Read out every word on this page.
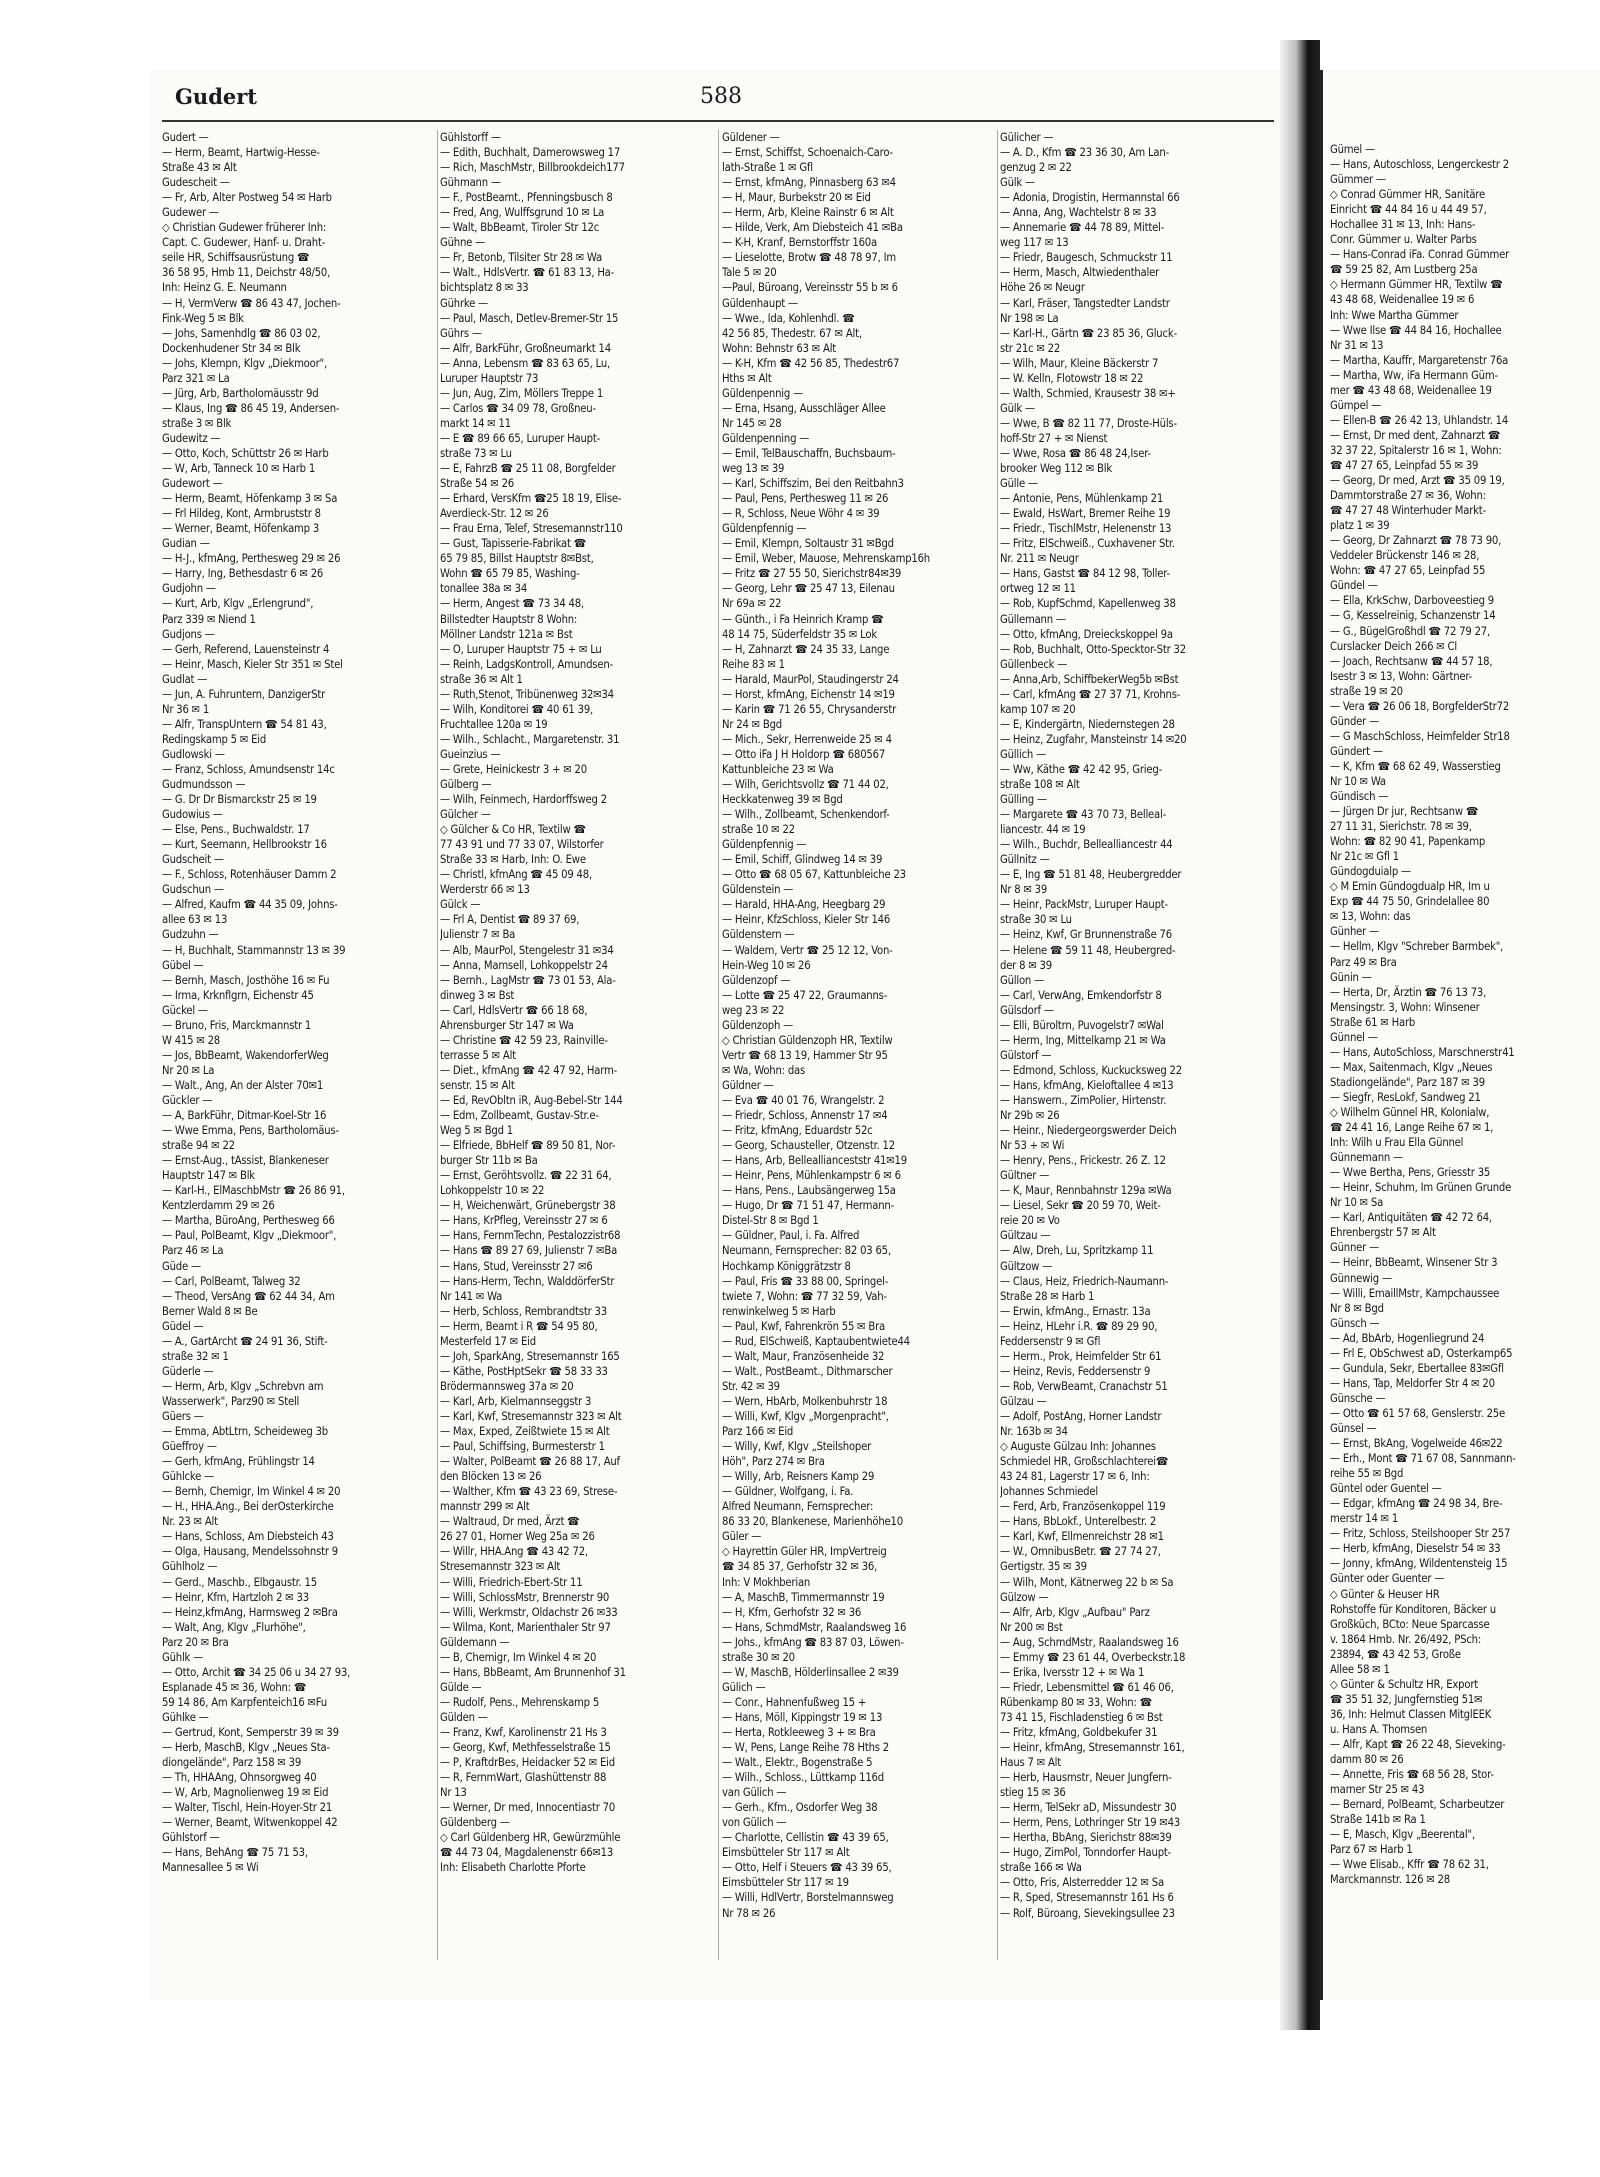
Gudert	588
Gudert —
— Herm, Beamt, Hartwig-Hesse-
Straße 43 ✉ Alt
Gudescheit —
— Fr, Arb, Alter Postweg 54 ✉ Harb
Gudewer —
◇ Christian Gudewer früherer Inh:
Capt. C. Gudewer, Hanf- u. Draht-
seile HR, Schiffsausrüstung ☎
36 58 95, Hmb 11, Deichstr 48/50,
Inh: Heinz G. E. Neumann
— H, VermVerw ☎ 86 43 47, Jochen-
Fink-Weg 5 ✉ Blk
— Johs, Samenhdlg ☎ 86 03 02,
Dockenhudener Str 34 ✉ Blk
— Johs, Klempn, Klgv „Diekmoor",
Parz 321 ✉ La
— Jürg, Arb, Bartholomäusstr 9d
— Klaus, Ing ☎ 86 45 19, Andersen-
straße 3 ✉ Blk
Gudewitz —
— Otto, Koch, Schüttstr 26 ✉ Harb
— W, Arb, Tanneck 10 ✉ Harb 1
Gudewort —
— Herm, Beamt, Höfenkamp 3 ✉ Sa
— Frl Hildeg, Kont, Armbruststr 8
— Werner, Beamt, Höfenkamp 3
Gudian —
— H-J., kfmAng, Perthesweg 29 ✉ 26
— Harry, Ing, Bethesdastr 6 ✉ 26
Gudjohn —
— Kurt, Arb, Klgv „Erlengrund",
Parz 339 ✉ Niend 1
Gudjons —
— Gerh, Referend, Lauensteinstr 4
— Heinr, Masch, Kieler Str 351 ✉ Stel
Gudlat —
— Jun, A. Fuhruntern, DanzigerStr
Nr 36 ✉ 1
— Alfr, TranspUntern ☎ 54 81 43,
Redingskamp 5 ✉ Eid
Gudlowski —
— Franz, Schloss, Amundsenstr 14c
Gudmundsson —
— G. Dr Dr Bismarckstr 25 ✉ 19
Gudowius —
— Else, Pens., Buchwaldstr. 17
— Kurt, Seemann, Hellbrookstr 16
Gudscheit —
— F., Schloss, Rotenhäuser Damm 2
Gudschun —
— Alfred, Kaufm ☎ 44 35 09, Johns-
allee 63 ✉ 13
Gudzuhn —
— H, Buchhalt, Stammannstr 13 ✉ 39
Gübel —
— Bernh, Masch, Josthöhe 16 ✉ Fu
— Irma, Krknflgrn, Eichenstr 45
Gückel —
— Bruno, Fris, Marckmannstr 1
W 415 ✉ 28
— Jos, BbBeamt, WakendorferWeg
Nr 20 ✉ La
— Walt., Ang, An der Alster 70✉1
Gückler —
— A, BarkFühr, Ditmar-Koel-Str 16
— Wwe Emma, Pens, Bartholomäus-
straße 94 ✉ 22
— Ernst-Aug., tAssist, Blankeneser
Hauptstr 147 ✉ Blk
— Karl-H., ElMaschbMstr ☎ 26 86 91,
Kentzlerdamm 29 ✉ 26
— Martha, BüroAng, Perthesweg 66
— Paul, PolBeamt, Klgv „Diekmoor",
Parz 46 ✉ La
Güde —
— Carl, PolBeamt, Talweg 32
— Theod, VersAng ☎ 62 44 34, Am
Berner Wald 8 ✉ Be
Güdel —
— A., GartArcht ☎ 24 91 36, Stift-
straße 32 ✉ 1
Güderle —
— Herm, Arb, Klgv „Schrebvn am
Wasserwerk", Parz90 ✉ Stell
Güers —
— Emma, AbtLtrn, Scheideweg 3b
Güeffroy —
— Gerh, kfmAng, Frühlingstr 14
Gühlcke —
— Bernh, Chemigr, Im Winkel 4 ✉ 20
— H., HHA.Ang., Bei derOsterkirche
Nr. 23 ✉ Alt
— Hans, Schloss, Am Diebsteich 43
— Olga, Hausang, Mendelssohnstr 9
Gühlholz —
— Gerd., Maschb., Elbgaustr. 15
— Heinr, Kfm, Hartzloh 2 ✉ 33
— Heinz,kfmAng, Harmsweg 2 ✉Bra
— Walt, Ang, Klgv „Flurhöhe",
Parz 20 ✉ Bra
Gühlk —
— Otto, Archit ☎ 34 25 06 u 34 27 93,
Esplanade 45 ✉ 36, Wohn: ☎
59 14 86, Am Karpfenteich16 ✉Fu
Gühlke —
— Gertrud, Kont, Semperstr 39 ✉ 39
— Herb, MaschB, Klgv „Neues Sta-
diongelände", Parz 158 ✉ 39
— Th, HHAAng, Ohnsorgweg 40
— W, Arb, Magnolienweg 19 ✉ Eid
— Walter, Tischl, Hein-Hoyer-Str 21
— Werner, Beamt, Witwenkoppel 42
Gühlstorf —
— Hans, BehAng ☎ 75 71 53,
Mannesallee 5 ✉ Wi
Gühlstorff —
— Edith, Buchhalt, Damerowsweg 17
— Rich, MaschMstr, Billbrookdeich177
Gühmann —
— F., PostBeamt., Pfenningsbusch 8
— Fred, Ang, Wulffsgrund 10 ✉ La
— Walt, BbBeamt, Tiroler Str 12c
Gühne —
— Fr, Betonb, Tilsiter Str 28 ✉ Wa
— Walt., HdlsVertr. ☎ 61 83 13, Ha-
bichtsplatz 8 ✉ 33
Gührke —
— Paul, Masch, Detlev-Bremer-Str 15
Gührs —
— Alfr, BarkFühr, Großneumarkt 14
— Anna, Lebensm ☎ 83 63 65, Lu,
Luruper Hauptstr 73
— Jun, Aug, Zim, Möllers Treppe 1
— Carlos ☎ 34 09 78, Großneu-
markt 14 ✉ 11
— E ☎ 89 66 65, Luruper Haupt-
straße 73 ✉ Lu
— E, FahrzB ☎ 25 11 08, Borgfelder
Straße 54 ✉ 26
— Erhard, VersKfm ☎25 18 19, Elise-
Averdieck-Str. 12 ✉ 26
— Frau Erna, Telef, Stresemannstr110
— Gust, Tapisserie-Fabrikat ☎
65 79 85, Billst Hauptstr 8✉Bst,
Wohn ☎ 65 79 85, Washing-
tonallee 38a ✉ 34
— Herm, Angest ☎ 73 34 48,
Billstedter Hauptstr 8 Wohn:
Möllner Landstr 121a ✉ Bst
— O, Luruper Hauptstr 75 + ✉ Lu
— Reinh, LadgsKontroll, Amundsen-
straße 36 ✉ Alt 1
— Ruth,Stenot, Tribünenweg 32✉34
— Wilh, Konditorei ☎ 40 61 39,
Fruchtallee 120a ✉ 19
— Wilh., Schlacht., Margaretenstr. 31
Gueinzius —
— Grete, Heinickestr 3 + ✉ 20
Gülberg —
— Wilh, Feinmech, Hardorffsweg 2
Gülcher —
◇ Gülcher & Co HR, Textilw ☎
77 43 91 und 77 33 07, Wilstorfer
Straße 33 ✉ Harb, Inh: O. Ewe
— Christl, kfmAng ☎ 45 09 48,
Werderstr 66 ✉ 13
Gülck —
— Frl A, Dentist ☎ 89 37 69,
Julienstr 7 ✉ Ba
— Alb, MaurPol, Stengelestr 31 ✉34
— Anna, Mamsell, Lohkoppelstr 24
— Bernh., LagMstr ☎ 73 01 53, Ala-
dinweg 3 ✉ Bst
— Carl, HdlsVertr ☎ 66 18 68,
Ahrensburger Str 147 ✉ Wa
— Christine ☎ 42 59 23, Rainville-
terrasse 5 ✉ Alt
— Diet., kfmAng ☎ 42 47 92, Harm-
senstr. 15 ✉ Alt
— Ed, RevObltn iR, Aug-Bebel-Str 144
— Edm, Zollbeamt, Gustav-Str.e-
Weg 5 ✉ Bgd 1
— Elfriede, BbHelf ☎ 89 50 81, Nor-
burger Str 11b ✉ Ba
— Ernst, Geröhtsvollz. ☎ 22 31 64,
Lohkoppelstr 10 ✉ 22
— H, Weichenwärt, Grünebergstr 38
— Hans, KrPfleg, Vereinsstr 27 ✉ 6
— Hans, FernmTechn, Pestalozzistr68
— Hans ☎ 89 27 69, Julienstr 7 ✉Ba
— Hans, Stud, Vereinsstr 27 ✉6
— Hans-Herm, Techn, WalddörferStr
Nr 141 ✉ Wa
— Herb, Schloss, Rembrandtstr 33
— Herm, Beamt i R ☎ 54 95 80,
Mesterfeld 17 ✉ Eid
— Joh, SparkAng, Stresemannstr 165
— Käthe, PostHptSekr ☎ 58 33 33
Brödermannsweg 37a ✉ 20
— Karl, Arb, Kielmannseggstr 3
— Karl, Kwf, Stresemannstr 323 ✉ Alt
— Max, Exped, Zeißtwiete 15 ✉ Alt
— Paul, Schiffsing, Burmesterstr 1
— Walter, PolBeamt ☎ 26 88 17, Auf
den Blöcken 13 ✉ 26
— Walther, Kfm ☎ 43 23 69, Strese-
mannstr 299 ✉ Alt
— Waltraud, Dr med, Ärzt ☎
26 27 01, Horner Weg 25a ✉ 26
— Willr, HHA.Ang ☎ 43 42 72,
Stresemannstr 323 ✉ Alt
— Willi, Friedrich-Ebert-Str 11
— Willi, SchlossMstr, Brennerstr 90
— Willi, Werkmstr, Oldachstr 26 ✉33
— Wilma, Kont, Marienthaler Str 97
Güldemann —
— B, Chemigr, Im Winkel 4 ✉ 20
— Hans, BbBeamt, Am Brunnenhof 31
Gülde —
— Rudolf, Pens., Mehrenskamp 5
Gülden —
— Franz, Kwf, Karolinenstr 21 Hs 3
— Georg, Kwf, Methfesselstraße 15
— P, KraftdrBes, Heidacker 52 ✉ Eid
— R, FernmWart, Glashüttenstr 88
Nr 13
— Werner, Dr med, Innocentiastr 70
Güldenberg —
◇ Carl Güldenberg HR, Gewürzmühle
☎ 44 73 04, Magdalenenstr 66✉13
Inh: Elisabeth Charlotte Pforte
Güldener —
— Ernst, Schiffst, Schoenaich-Caro-
lath-Straße 1 ✉ Gfl
— Ernst, kfmAng, Pinnasberg 63 ✉4
— H, Maur, Burbekstr 20 ✉ Eid
— Herm, Arb, Kleine Rainstr 6 ✉ Alt
— Hilde, Verk, Am Diebsteich 41 ✉Ba
— K-H, Kranf, Bernstorffstr 160a
— Lieselotte, Brotw ☎ 48 78 97, Im
Tale 5 ✉ 20
—Paul, Büroang, Vereinsstr 55 b ✉ 6
Güldenhaupt —
— Wwe., Ida, Kohlenhdl. ☎
42 56 85, Thedestr. 67 ✉ Alt,
Wohn: Behnstr 63 ✉ Alt
— K-H, Kfm ☎ 42 56 85, Thedestr67
Hths ✉ Alt
Güldenpennig —
— Erna, Hsang, Ausschläger Allee
Nr 145 ✉ 28
Güldenpenning —
— Emil, TelBauschaffn, Buchsbaum-
weg 13 ✉ 39
— Karl, Schiffszim, Bei den Reitbahn3
— Paul, Pens, Perthesweg 11 ✉ 26
— R, Schloss, Neue Wöhr 4 ✉ 39
Güldenpfennig —
— Emil, Klempn, Soltaustr 31 ✉Bgd
— Emil, Weber, Mauose, Mehrenskamp16h
— Fritz ☎ 27 55 50, Sierichstr84✉39
— Georg, Lehr ☎ 25 47 13, Eilenau
Nr 69a ✉ 22
— Günth., i Fa Heinrich Kramp ☎
48 14 75, Süderfeldstr 35 ✉ Lok
— H, Zahnarzt ☎ 24 35 33, Lange
Reihe 83 ✉ 1
— Harald, MaurPol, Staudingerstr 24
— Horst, kfmAng, Eichenstr 14 ✉19
— Karin ☎ 71 26 55, Chrysanderstr
Nr 24 ✉ Bgd
— Mich., Sekr, Herrenweide 25 ✉ 4
— Otto iFa J H Holdorp ☎ 680567
Kattunbleiche 23 ✉ Wa
— Wilh, Gerichtsvollz ☎ 71 44 02,
Heckkatenweg 39 ✉ Bgd
— Wilh., Zollbeamt, Schenkendorf-
straße 10 ✉ 22
Güldenpfennig —
— Emil, Schiff, Glindweg 14 ✉ 39
— Otto ☎ 68 05 67, Kattunbleiche 23
Güldenstein —
— Harald, HHA-Ang, Heegbarg 29
— Heinr, KfzSchloss, Kieler Str 146
Güldenstern —
— Waldem, Vertr ☎ 25 12 12, Von-
Hein-Weg 10 ✉ 26
Güldenzopf —
— Lotte ☎ 25 47 22, Graumanns-
weg 23 ✉ 22
Güldenzoph —
◇ Christian Güldenzoph HR, Textilw
Vertr ☎ 68 13 19, Hammer Str 95
✉ Wa, Wohn: das
Güldner —
— Eva ☎ 40 01 76, Wrangelstr. 2
— Friedr, Schloss, Annenstr 17 ✉4
— Fritz, kfmAng, Eduardstr 52c
— Georg, Schausteller, Otzenstr. 12
— Hans, Arb, Belleallianceststr 41✉19
— Heinr, Pens, Mühlenkampstr 6 ✉ 6
— Hans, Pens., Laubsängerweg 15a
— Hugo, Dr ☎ 71 51 47, Hermann-
Distel-Str 8 ✉ Bgd 1
— Güldner, Paul, i. Fa. Alfred
Neumann, Fernsprecher: 82 03 65,
Hochkamp Königgrätzstr 8
— Paul, Fris ☎ 33 88 00, Springel-
twiete 7, Wohn: ☎ 77 32 59, Vah-
renwinkelweg 5 ✉ Harb
— Paul, Kwf, Fahrenkrön 55 ✉ Bra
— Rud, ElSchweiß, Kaptaubentwiete44
— Walt, Maur, Französenheide 32
— Walt., PostBeamt., Dithmarscher
Str. 42 ✉ 39
— Wern, HbArb, Molkenbuhrstr 18
— Willi, Kwf, Klgv „Morgenpracht",
Parz 166 ✉ Eid
— Willy, Kwf, Klgv „Steilshoper
Höh", Parz 274 ✉ Bra
— Willy, Arb, Reisners Kamp 29
— Güldner, Wolfgang, i. Fa.
Alfred Neumann, Fernsprecher:
86 33 20, Blankenese, Marienhöhe10
Güler —
◇ Hayrettin Güler HR, ImpVertreig
☎ 34 85 37, Gerhofstr 32 ✉ 36,
Inh: V Mokhberian
— A, MaschB, Timmermannstr 19
— H, Kfm, Gerhofstr 32 ✉ 36
— Hans, SchmdMstr, Raalandsweg 16
— Johs., kfmAng ☎ 83 87 03, Löwen-
straße 30 ✉ 20
— W, MaschB, Hölderlinsallee 2 ✉39
Gülich —
— Conr., Hahnenfußweg 15 +
— Hans, Möll, Kippingstr 19 ✉ 13
— Herta, Rotkleeweg 3 + ✉ Bra
— W, Pens, Lange Reihe 78 Hths 2
— Walt., Elektr., Bogenstraße 5
— Wilh., Schloss., Lüttkamp 116d
van Gülich —
— Gerh., Kfm., Osdorfer Weg 38
von Gülich —
— Charlotte, Cellistin ☎ 43 39 65,
Eimsbütteler Str 117 ✉ Alt
— Otto, Helf i Steuers ☎ 43 39 65,
Eimsbütteler Str 117 ✉ 19
— Willi, HdlVertr, Borstelmannsweg
Nr 78 ✉ 26
Gülicher —
— A. D., Kfm ☎ 23 36 30, Am Lan-
genzug 2 ✉ 22
Gülk —
— Adonia, Drogistin, Hermannstal 66
— Anna, Ang, Wachtelstr 8 ✉ 33
— Annemarie ☎ 44 78 89, Mittel-
weg 117 ✉ 13
— Friedr, Baugesch, Schmuckstr 11
— Herm, Masch, Altwiedenthaler
Höhe 26 ✉ Neugr
— Karl, Fräser, Tangstedter Landstr
Nr 198 ✉ La
— Karl-H., Gärtn ☎ 23 85 36, Gluck-
str 21c ✉ 22
— Wilh, Maur, Kleine Bäckerstr 7
— W. Kelln, Flotowstr 18 ✉ 22
— Walth, Schmied, Krausestr 38 ✉+
Gülk —
— Wwe, B ☎ 82 11 77, Droste-Hüls-
hoff-Str 27 + ✉ Nienst
— Wwe, Rosa ☎ 86 48 24,Iser-
brooker Weg 112 ✉ Blk
Gülle —
— Antonie, Pens, Mühlenkamp 21
— Ewald, HsWart, Bremer Reihe 19
— Friedr., TischlMstr, Helenenstr 13
— Fritz, ElSchweiß., Cuxhavener Str.
Nr. 211 ✉ Neugr
— Hans, Gastst ☎ 84 12 98, Toller-
ortweg 12 ✉ 11
— Rob, KupfSchmd, Kapellenweg 38
Güllemann —
— Otto, kfmAng, Dreieckskoppel 9a
— Rob, Buchhalt, Otto-Specktor-Str 32
Güllenbeck —
— Anna,Arb, SchiffbekerWeg5b ✉Bst
— Carl, kfmAng ☎ 27 37 71, Krohns-
kamp 107 ✉ 20
— E, Kindergärtn, Niedernstegen 28
— Heinz, Zugfahr, Mansteinstr 14 ✉20
Güllich —
— Ww, Käthe ☎ 42 42 95, Grieg-
straße 108 ✉ Alt
Gülling —
— Margarete ☎ 43 70 73, Belleal-
liancestr. 44 ✉ 19
— Wilh., Buchdr, Bellealliancestr 44
Güllnitz —
— E, Ing ☎ 51 81 48, Heubergredder
Nr 8 ✉ 39
— Heinr, PackMstr, Luruper Haupt-
straße 30 ✉ Lu
— Heinz, Kwf, Gr Brunnenstraße 76
— Helene ☎ 59 11 48, Heubergred-
der 8 ✉ 39
Güllon —
— Carl, VerwAng, Emkendorfstr 8
Gülsdorf —
— Elli, Büroltrn, Puvogelstr7 ✉Wal
— Herm, Ing, Mittelkamp 21 ✉ Wa
Gülstorf —
— Edmond, Schloss, Kuckucksweg 22
— Hans, kfmAng, Kieloftallee 4 ✉13
— Hanswern., ZimPolier, Hirtenstr.
Nr 29b ✉ 26
— Heinr., Niedergeorgswerder Deich
Nr 53 + ✉ Wi
— Henry, Pens., Frickestr. 26 Z. 12
Gültner —
— K, Maur, Rennbahnstr 129a ✉Wa
— Liesel, Sekr ☎ 20 59 70, Weit-
reie 20 ✉ Vo
Gültzau —
— Alw, Dreh, Lu, Spritzkamp 11
Gültzow —
— Claus, Heiz, Friedrich-Naumann-
Straße 28 ✉ Harb 1
— Erwin, kfmAng., Ernastr. 13a
— Heinz, HLehr i.R. ☎ 89 29 90,
Feddersenstr 9 ✉ Gfl
— Herm., Prok, Heimfelder Str 61
— Heinz, Revis, Feddersenstr 9
— Rob, VerwBeamt, Cranachstr 51
Gülzau —
— Adolf, PostAng, Horner Landstr
Nr. 163b ✉ 34
◇ Auguste Gülzau Inh: Johannes
Schmiedel HR, Großschlachterei☎
43 24 81, Lagerstr 17 ✉ 6, Inh:
Johannes Schmiedel
— Ferd, Arb, Französenkoppel 119
— Hans, BbLokf., Unterelbestr. 2
— Karl, Kwf, Ellmenreichstr 28 ✉1
— W., OmnibusBetr. ☎ 27 74 27,
Gertigstr. 35 ✉ 39
— Wilh, Mont, Kätnerweg 22 b ✉ Sa
Gülzow —
— Alfr, Arb, Klgv „Aufbau" Parz
Nr 200 ✉ Bst
— Aug, SchmdMstr, Raalandsweg 16
— Emmy ☎ 23 61 44, Overbeckstr.18
— Erika, Iversstr 12 + ✉ Wa 1
— Friedr, Lebensmittel ☎ 61 46 06,
Rübenkamp 80 ✉ 33, Wohn: ☎
73 41 15, Fischladenstieg 6 ✉ Bst
— Fritz, kfmAng, Goldbekufer 31
— Heinr, kfmAng, Stresemannstr 161,
Haus 7 ✉ Alt
— Herb, Hausmstr, Neuer Jungfern-
stieg 15 ✉ 36
— Herm, TelSekr aD, Missundestr 30
— Herm, Pens, Lothringer Str 19 ✉43
— Hertha, BbAng, Sierichstr 88✉39
— Hugo, ZimPol, Tonndorfer Haupt-
straße 166 ✉ Wa
— Otto, Fris, Alsterredder 12 ✉ Sa
— R, Sped, Stresemannstr 161 Hs 6
— Rolf, Büroang, Sievekingsullee 23
Gümel —
— Hans, Autoschloss, Lengerckestr 2
Gümmer —
◇ Conrad Gümmer HR, Sanitäre
Einricht ☎ 44 84 16 u 44 49 57,
Hochallee 31 ✉ 13, Inh: Hans-
Conr. Gümmer u. Walter Parbs
— Hans-Conrad iFa. Conrad Gümmer
☎ 59 25 82, Am Lustberg 25a
◇ Hermann Gümmer HR, Textilw ☎
43 48 68, Weidenallee 19 ✉ 6
Inh: Wwe Martha Gümmer
— Wwe Ilse ☎ 44 84 16, Hochallee
Nr 31 ✉ 13
— Martha, Kauffr, Margaretenstr 76a
— Martha, Ww, iFa Hermann Güm-
mer ☎ 43 48 68, Weidenallee 19
Gümpel —
— Ellen-B ☎ 26 42 13, Uhlandstr. 14
— Ernst, Dr med dent, Zahnarzt ☎
32 37 22, Spitalerstr 16 ✉ 1, Wohn:
☎ 47 27 65, Leinpfad 55 ✉ 39
— Georg, Dr med, Arzt ☎ 35 09 19,
Dammtorstraße 27 ✉ 36, Wohn:
☎ 47 27 48 Winterhuder Markt-
platz 1 ✉ 39
— Georg, Dr Zahnarzt ☎ 78 73 90,
Veddeler Brückenstr 146 ✉ 28,
Wohn: ☎ 47 27 65, Leinpfad 55
Gündel —
— Ella, KrkSchw, Darboveestieg 9
— G, Kesselreinig, Schanzenstr 14
— G., BügelGroßhdl ☎ 72 79 27,
Curslacker Deich 266 ✉ Cl
— Joach, Rechtsanw ☎ 44 57 18,
Isestr 3 ✉ 13, Wohn: Gärtner-
straße 19 ✉ 20
— Vera ☎ 26 06 18, BorgfelderStr72
Günder —
— G MaschSchloss, Heimfelder Str18
Gündert —
— K, Kfm ☎ 68 62 49, Wasserstieg
Nr 10 ✉ Wa
Gündisch —
— Jürgen Dr jur, Rechtsanw ☎
27 11 31, Sierichstr. 78 ✉ 39,
Wohn: ☎ 82 90 41, Papenkamp
Nr 21c ✉ Gfl 1
Gündogduialp —
◇ M Emin Gündogdualp HR, Im u
Exp ☎ 44 75 50, Grindelallee 80
✉ 13, Wohn: das
Günher —
— Hellm, Klgv "Schreber Barmbek",
Parz 49 ✉ Bra
Günin —
— Herta, Dr, Ärztin ☎ 76 13 73,
Mensingstr. 3, Wohn: Winsener
Straße 61 ✉ Harb
Günnel —
— Hans, AutoSchloss, Marschnerstr41
— Max, Saitenmach, Klgv „Neues
Stadiongelände", Parz 187 ✉ 39
— Siegfr, ResLokf, Sandweg 21
◇ Wilhelm Günnel HR, Kolonialw,
☎ 24 41 16, Lange Reihe 67 ✉ 1,
Inh: Wilh u Frau Ella Günnel
Günnemann —
— Wwe Bertha, Pens, Griesstr 35
— Heinr, Schuhm, Im Grünen Grunde
Nr 10 ✉ Sa
— Karl, Antiquitäten ☎ 42 72 64,
Ehrenbergstr 57 ✉ Alt
Günner —
— Heinr, BbBeamt, Winsener Str 3
Günnewig —
— Willi, EmaillMstr, Kampchaussee
Nr 8 ✉ Bgd
Günsch —
— Ad, BbArb, Hogenliegrund 24
— Frl E, ObSchwest aD, Osterkamp65
— Gundula, Sekr, Ebertallee 83✉Gfl
— Hans, Tap, Meldorfer Str 4 ✉ 20
Günsche —
— Otto ☎ 61 57 68, Genslerstr. 25e
Günsel —
— Ernst, BkAng, Vogelweide 46✉22
— Erh., Mont ☎ 71 67 08, Sannmann-
reihe 55 ✉ Bgd
Güntel oder Guentel —
— Edgar, kfmAng ☎ 24 98 34, Bre-
merstr 14 ✉ 1
— Fritz, Schloss, Steilshooper Str 257
— Herb, kfmAng, Dieselstr 54 ✉ 33
— Jonny, kfmAng, Wildentensteig 15
Günter oder Guenter —
◇ Günter & Heuser HR
Rohstoffe für Konditoren, Bäcker u
Großküch, BCto: Neue Sparcasse
v. 1864 Hmb. Nr. 26/492, PSch:
23894, ☎ 43 42 53, Große
Allee 58 ✉ 1
◇ Günter & Schultz HR, Export
☎ 35 51 32, Jungfernstieg 51✉
36, Inh: Helmut Classen MitglEEK
u. Hans A. Thomsen
— Alfr, Kapt ☎ 26 22 48, Sieveking-
damm 80 ✉ 26
— Annette, Fris ☎ 68 56 28, Stor-
marner Str 25 ✉ 43
— Bernard, PolBeamt, Scharbeutzer
Straße 141b ✉ Ra 1
— E, Masch, Klgv „Beerental",
Parz 67 ✉ Harb 1
— Wwe Elisab., Kffr ☎ 78 62 31,
Marckmannstr. 126 ✉ 28
